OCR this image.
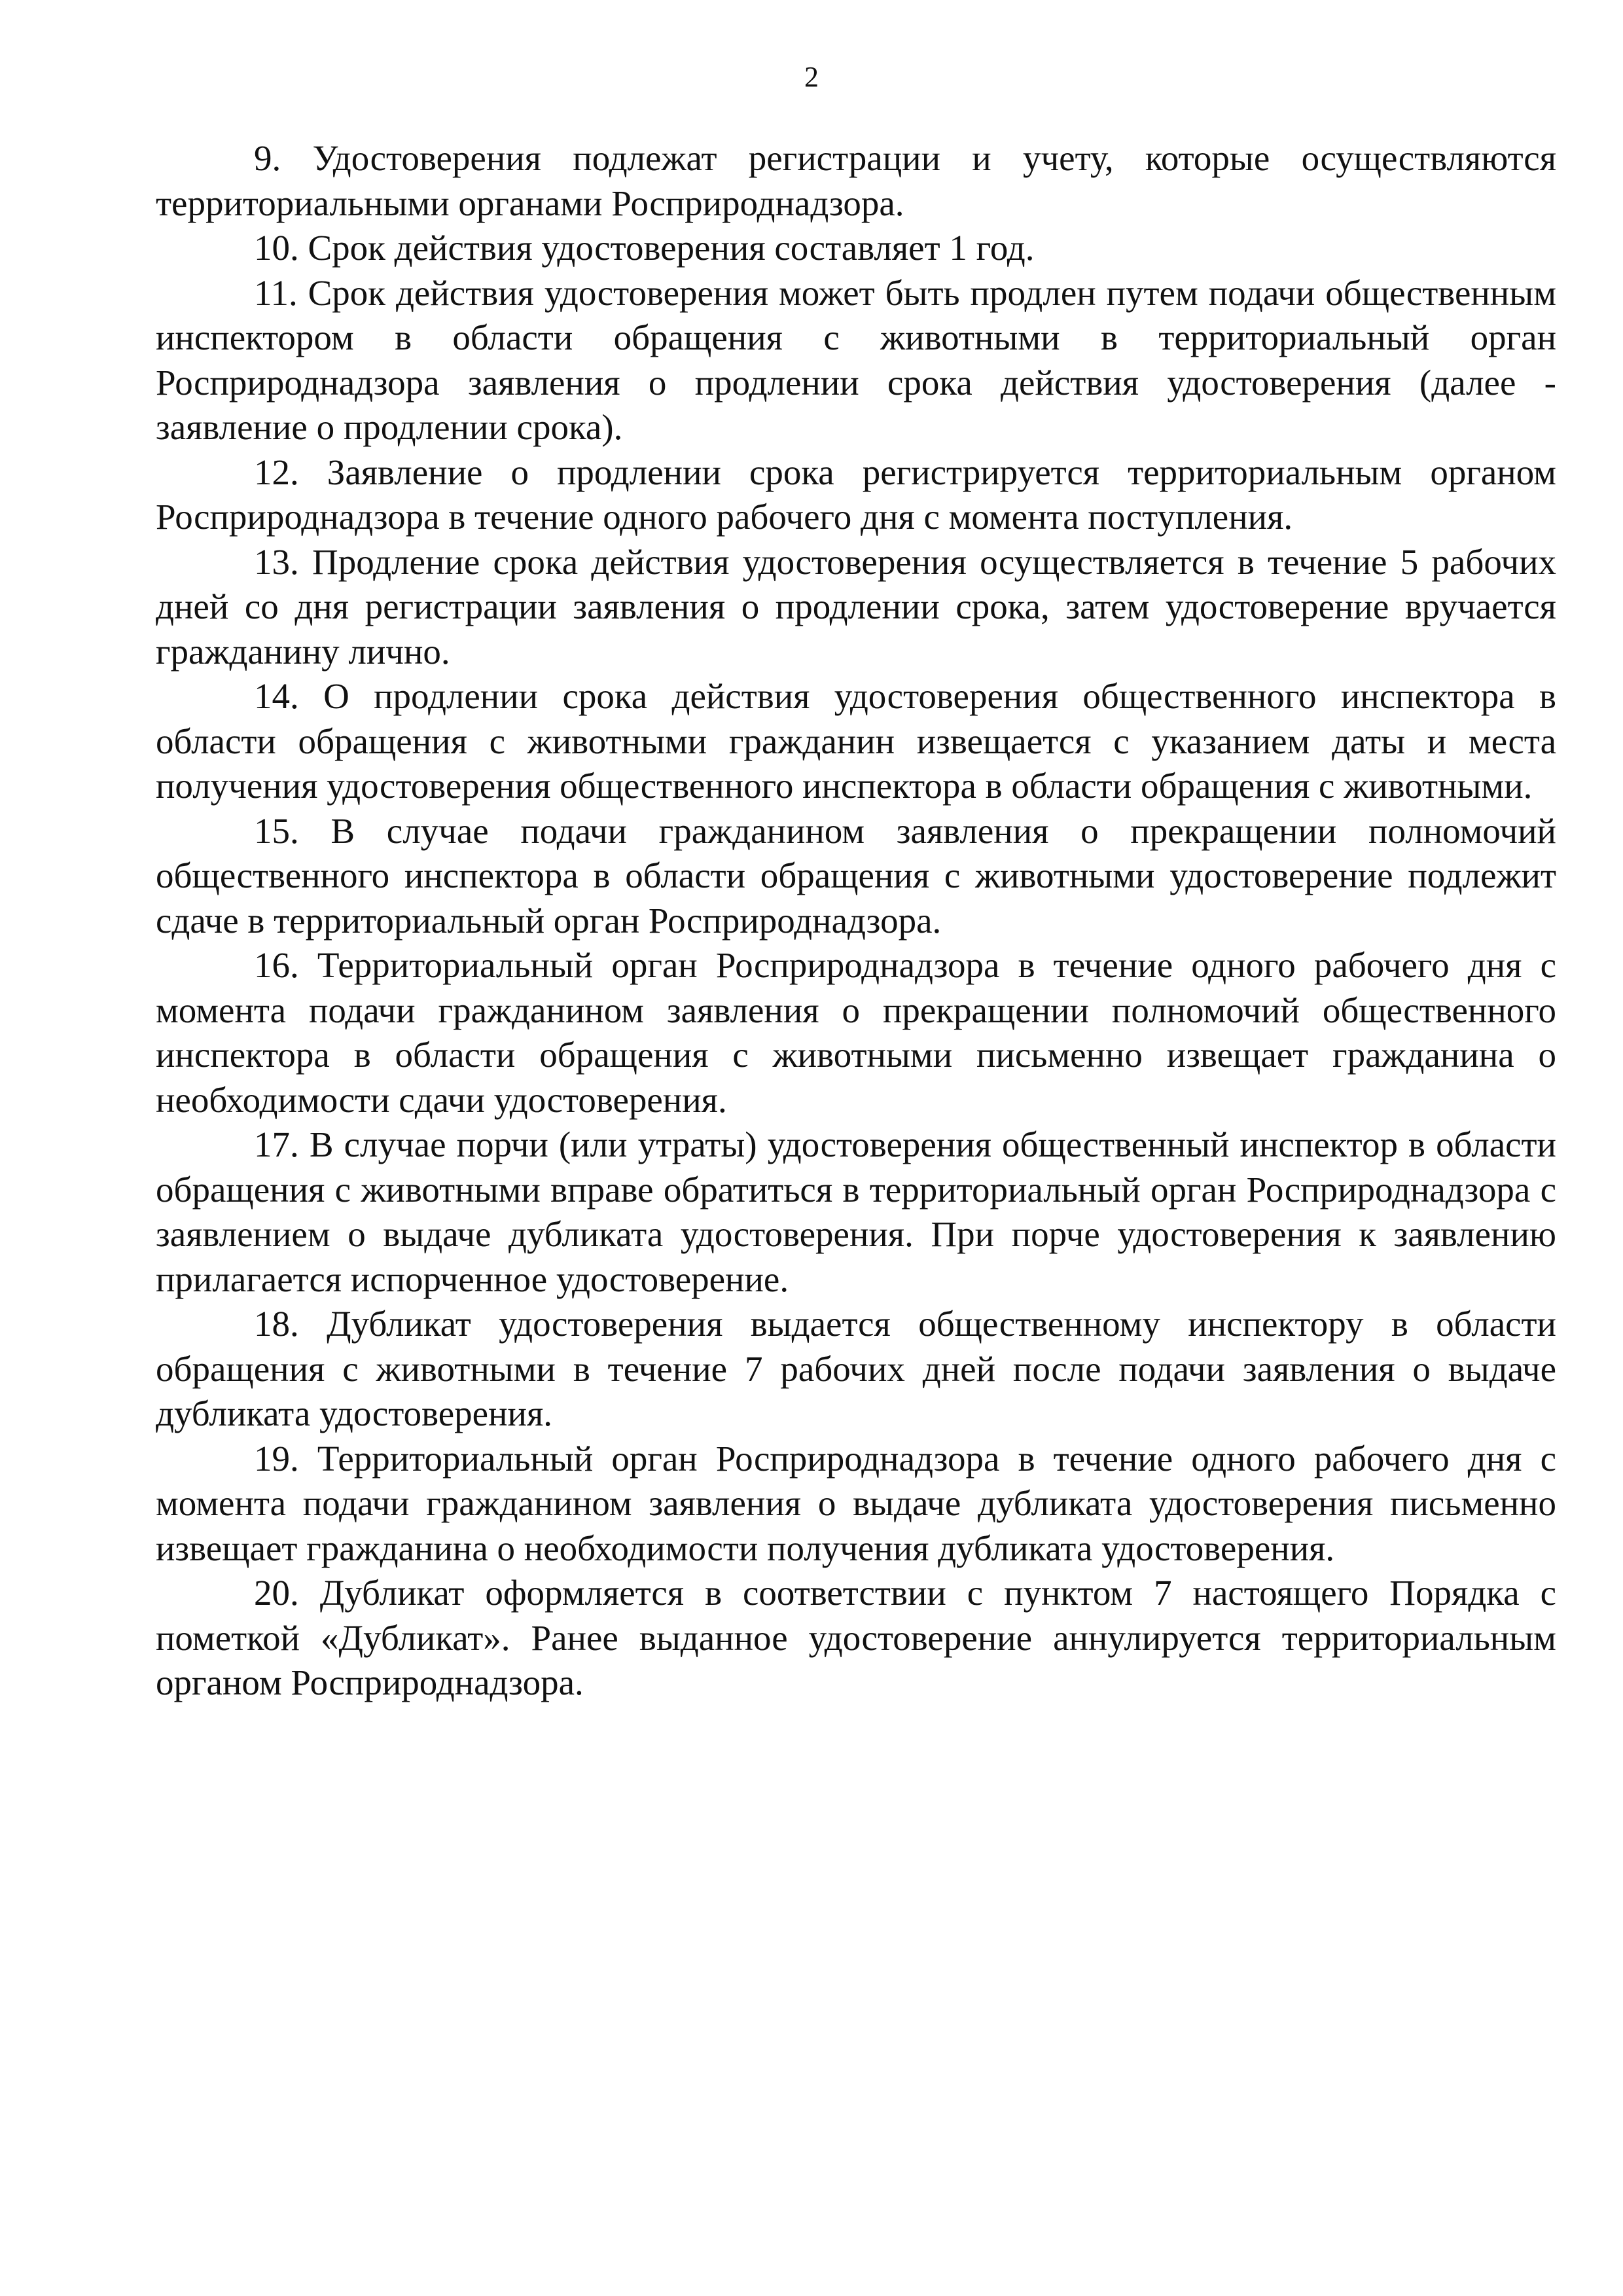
2

9. Удостоверения подлежат регистрации и учету, которые осуществляются территориальными органами Росприроднадзора.

10. Срок действия удостоверения составляет 1 год.

11. Срок действия удостоверения может быть продлен путем подачи общественным инспектором в области обращения с животными в территориальный орган Росприроднадзора заявления о продлении срока действия удостоверения (далее - заявление о продлении срока).

12. Заявление о продлении срока регистрируется территориальным органом Росприроднадзора в течение одного рабочего дня с момента поступления.

13. Продление срока действия удостоверения осуществляется в течение 5 рабочих дней со дня регистрации заявления о продлении срока, затем удостоверение вручается гражданину лично.

14. О продлении срока действия удостоверения общественного инспектора в области обращения с животными гражданин извещается с указанием даты и места получения удостоверения общественного инспектора в области обращения с животными.

15. В случае подачи гражданином заявления о прекращении полномочий общественного инспектора в области обращения с животными удостоверение подлежит сдаче в территориальный орган Росприроднадзора.

16. Территориальный орган Росприроднадзора в течение одного рабочего дня с момента подачи гражданином заявления о прекращении полномочий общественного инспектора в области обращения с животными письменно извещает гражданина о необходимости сдачи удостоверения.

17. В случае порчи (или утраты) удостоверения общественный инспектор в области обращения с животными вправе обратиться в территориальный орган Росприроднадзора с заявлением о выдаче дубликата удостоверения. При порче удостоверения к заявлению прилагается испорченное удостоверение.

18. Дубликат удостоверения выдается общественному инспектору в области обращения с животными в течение 7 рабочих дней после подачи заявления о выдаче дубликата удостоверения.

19. Территориальный орган Росприроднадзора в течение одного рабочего дня с момента подачи гражданином заявления о выдаче дубликата удостоверения письменно извещает гражданина о необходимости получения дубликата удостоверения.

20. Дубликат оформляется в соответствии с пунктом 7 настоящего Порядка с пометкой «Дубликат». Ранее выданное удостоверение аннулируется территориальным органом Росприроднадзора.
